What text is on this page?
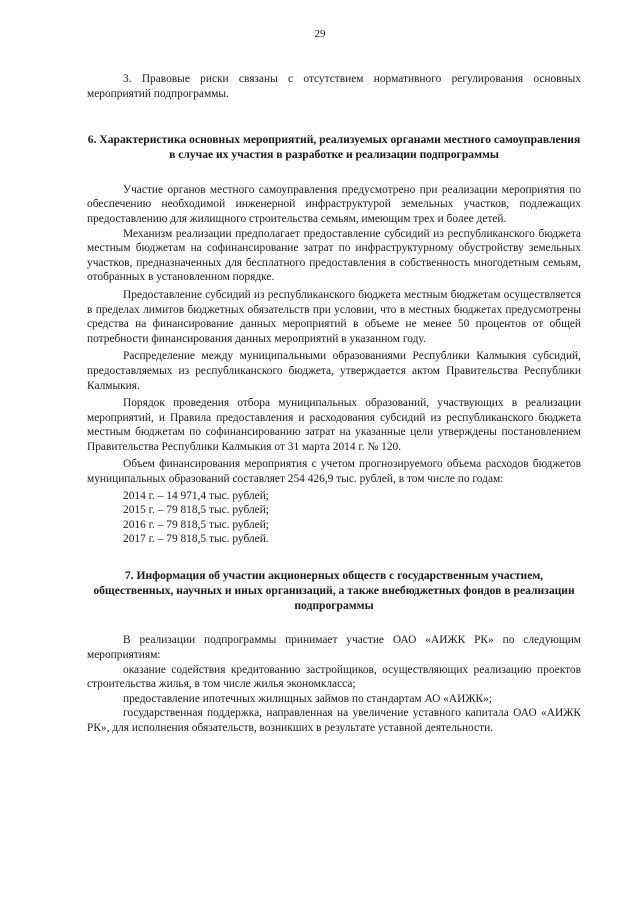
29

3. Правовые риски связаны с отсутствием нормативного регулирования основных мероприятий подпрограммы.

6. Характеристика основных мероприятий, реализуемых органами местного самоуправления в случае их участия в разработке и реализации подпрограммы

Участие органов местного самоуправления предусмотрено при реализации мероприятия по обеспечению необходимой инженерной инфраструктурой земельных участков, подлежащих предоставлению для жилищного строительства семьям, имеющим трех и более детей.

Механизм реализации предполагает предоставление субсидий из республиканского бюджета местным бюджетам на софинансирование затрат по инфраструктурному обустройству земельных участков, предназначенных для бесплатного предоставления в собственность многодетным семьям, отобранных в установленном порядке.

Предоставление субсидий из республиканского бюджета местным бюджетам осуществляется в пределах лимитов бюджетных обязательств при условии, что в местных бюджетах предусмотрены средства на финансирование данных мероприятий в объеме не менее 50 процентов от общей потребности финансирования данных мероприятий в указанном году.

Распределение между муниципальными образованиями Республики Калмыкия субсидий, предоставляемых из республиканского бюджета, утверждается актом Правительства Республики Калмыкия.

Порядок проведения отбора муниципальных образований, участвующих в реализации мероприятий, и Правила предоставления и расходования субсидий из республиканского бюджета местным бюджетам по софинансированию затрат на указанные цели утверждены постановлением Правительства Республики Калмыкия от 31 марта 2014 г. № 120.

Объем финансирования мероприятия с учетом прогнозируемого объема расходов бюджетов муниципальных образований составляет 254 426,9 тыс. рублей, в том числе по годам:

2014 г. – 14 971,4 тыс. рублей;

2015 г. – 79 818,5 тыс. рублей;

2016 г. – 79 818,5 тыс. рублей;

2017 г. – 79 818,5 тыс. рублей.

7. Информация об участии акционерных обществ с государственным участием, общественных, научных и иных организаций, а также внебюджетных фондов в реализации подпрограммы

В реализации подпрограммы принимает участие ОАО «АИЖК РК» по следующим мероприятиям:

оказание содействия кредитованию застройщиков, осуществляющих реализацию проектов строительства жилья, в том числе жилья экономкласса;

предоставление ипотечных жилищных займов по стандартам АО «АИЖК»;

государственная поддержка, направленная на увеличение уставного капитала ОАО «АИЖК РК», для исполнения обязательств, возникших в результате уставной деятельности.
